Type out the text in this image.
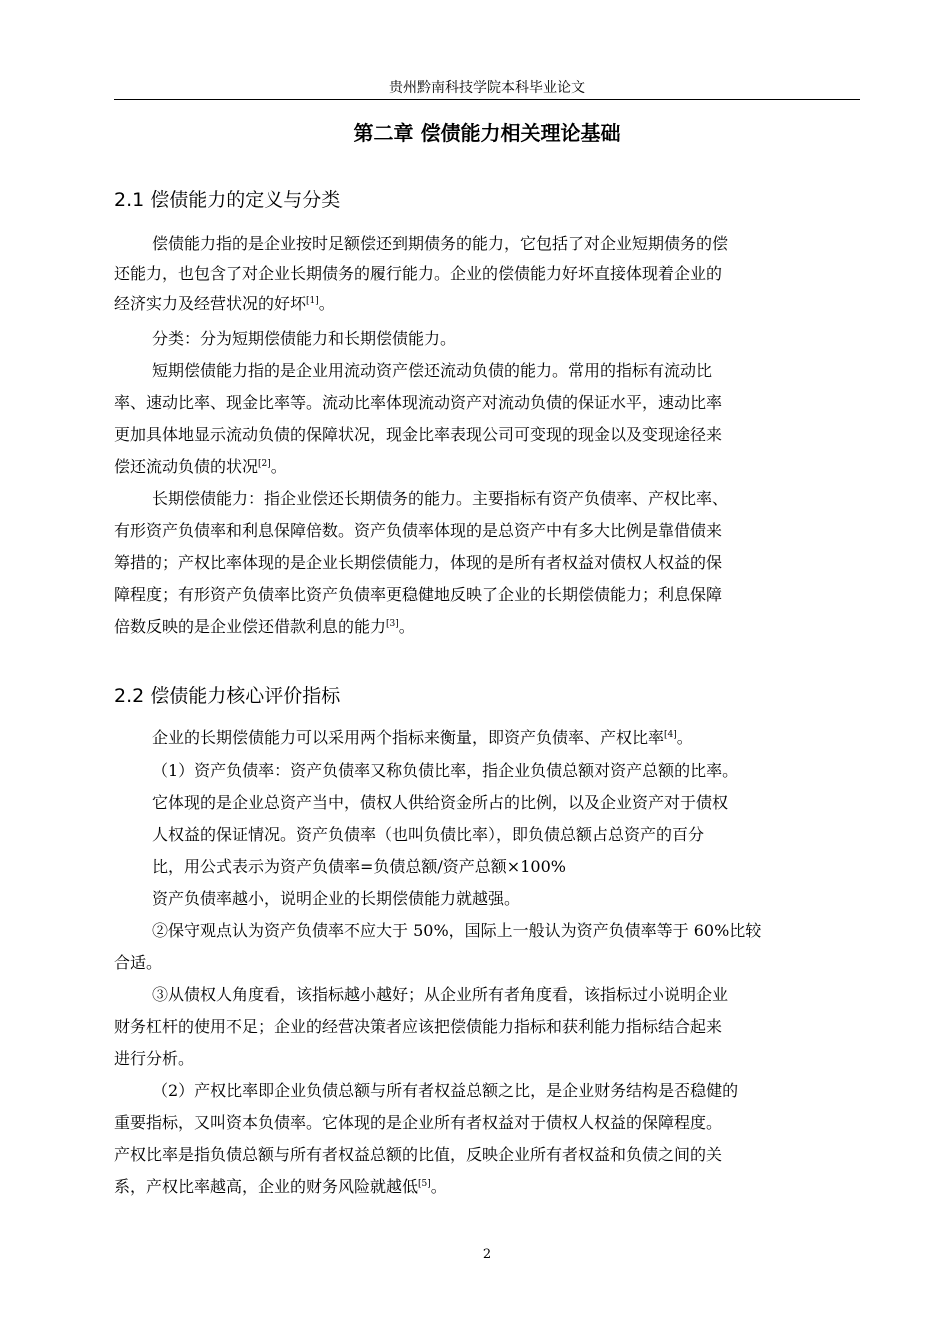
贵州黔南科技学院本科毕业论文
第二章 偿债能力相关理论基础
2.1 偿债能力的定义与分类
偿债能力指的是企业按时足额偿还到期债务的能力，它包括了对企业短期债务的偿
还能力，也包含了对企业长期债务的履行能力。企业的偿债能力好坏直接体现着企业的
经济实力及经营状况的好坏[1]。
分类：分为短期偿债能力和长期偿债能力。
短期偿债能力指的是企业用流动资产偿还流动负债的能力。常用的指标有流动比
率、速动比率、现金比率等。流动比率体现流动资产对流动负债的保证水平，速动比率
更加具体地显示流动负债的保障状况，现金比率表现公司可变现的现金以及变现途径来
偿还流动负债的状况[2]。
长期偿债能力：指企业偿还长期债务的能力。主要指标有资产负债率、产权比率、
有形资产负债率和利息保障倍数。资产负债率体现的是总资产中有多大比例是靠借债来
筹措的；产权比率体现的是企业长期偿债能力，体现的是所有者权益对债权人权益的保
障程度；有形资产负债率比资产负债率更稳健地反映了企业的长期偿债能力；利息保障
倍数反映的是企业偿还借款利息的能力[3]。
2.2 偿债能力核心评价指标
企业的长期偿债能力可以采用两个指标来衡量，即资产负债率、产权比率[4]。
（1）资产负债率：资产负债率又称负债比率，指企业负债总额对资产总额的比率。
它体现的是企业总资产当中，债权人供给资金所占的比例，以及企业资产对于债权
人权益的保证情况。资产负债率（也叫负债比率），即负债总额占总资产的百分
比，用公式表示为资产负债率=负债总额/资产总额×100%
资产负债率越小，说明企业的长期偿债能力就越强。
②保守观点认为资产负债率不应大于 50%，国际上一般认为资产负债率等于 60%比较
合适。
③从债权人角度看，该指标越小越好；从企业所有者角度看，该指标过小说明企业
财务杠杆的使用不足；企业的经营决策者应该把偿债能力指标和获利能力指标结合起来
进行分析。
（2）产权比率即企业负债总额与所有者权益总额之比，是企业财务结构是否稳健的
重要指标，又叫资本负债率。它体现的是企业所有者权益对于债权人权益的保障程度。
产权比率是指负债总额与所有者权益总额的比值，反映企业所有者权益和负债之间的关
系，产权比率越高，企业的财务风险就越低[5]。
2
